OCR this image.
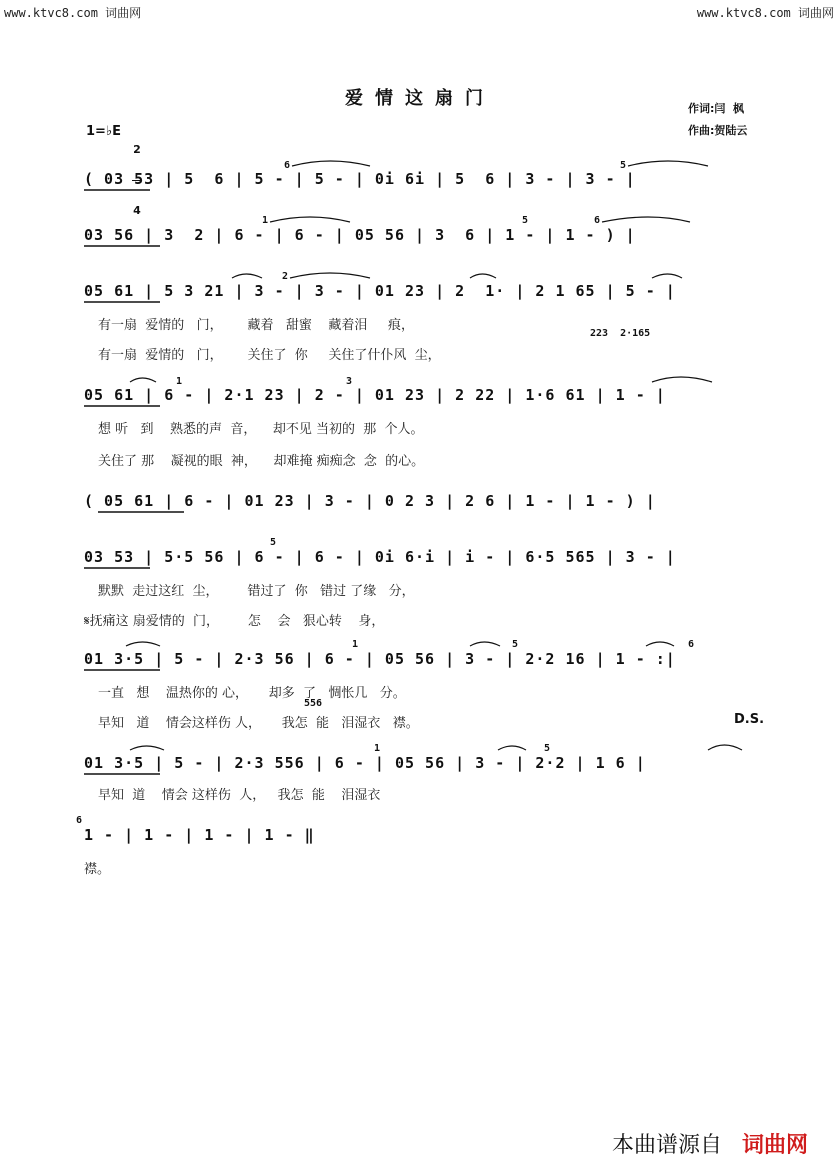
www.ktvc8.com 词曲网	www.ktvc8.com 词曲网
爱情这扇门	作词:闫  枫
作曲:贺陆云
1=♭E

2

4

( 03 53 | 5  6 | 5 - | 5 - | 0i 6i | 5  6 | 3 - | 3 - |
6	5
03 56 | 3  2 | 6 - | 6 - | 05 56 | 3  6 | 1 - | 1 - ) |
1	5	6
05 61 | 5 3 21 | 3 - | 3 - | 01 23 | 2  1· | 2 1 65 | 5 - |
2
有一扇  爱情的   门，      藏着   甜蜜    藏着泪     痕，
223  2·165
有一扇  爱情的   门，      关住了  你     关住了什仆风  尘，
05 61 | 6 - | 2·1 23 | 2 - | 01 23 | 2 22 | 1·6 61 | 1 - |
1	3
想 听   到    熟悉的声  音，    却不见 当初的  那  个人。
关住了 那    凝视的眼  神，    却难掩 痴痴念  念  的心。
( 05 61 | 6 - | 01 23 | 3 - | 0 2 3 | 2 6 | 1 - | 1 - ) |
03 53 | 5·5 56 | 6 - | 6 - | 0i 6·i | i - | 6·5 565 | 3 - |
5
默默  走过这红  尘，       错过了  你   错过 了缘   分，
𝄋抚痛这 扇爱情的  门，       怎    会   狠心转    身，
01 3·5 | 5 - | 2·3 56 | 6 - | 05 56 | 3 - | 2·2 16 | 1 - :|
1	5	6
一直   想    温热你的 心，     却多  了   惆怅几   分。
556
早知   道    情会这样伤 人，     我怎  能   泪湿衣   襟。	D.S.
01 3·5 | 5 - | 2·3 556 | 6 - | 05 56 | 3 - | 2·2 | 1 6 |
1	5
早知  道    情会 这样伤  人，   我怎  能    泪湿衣
1 - | 1 - | 1 - | 1 - ‖
6
襟。
本曲谱源自 词曲网
